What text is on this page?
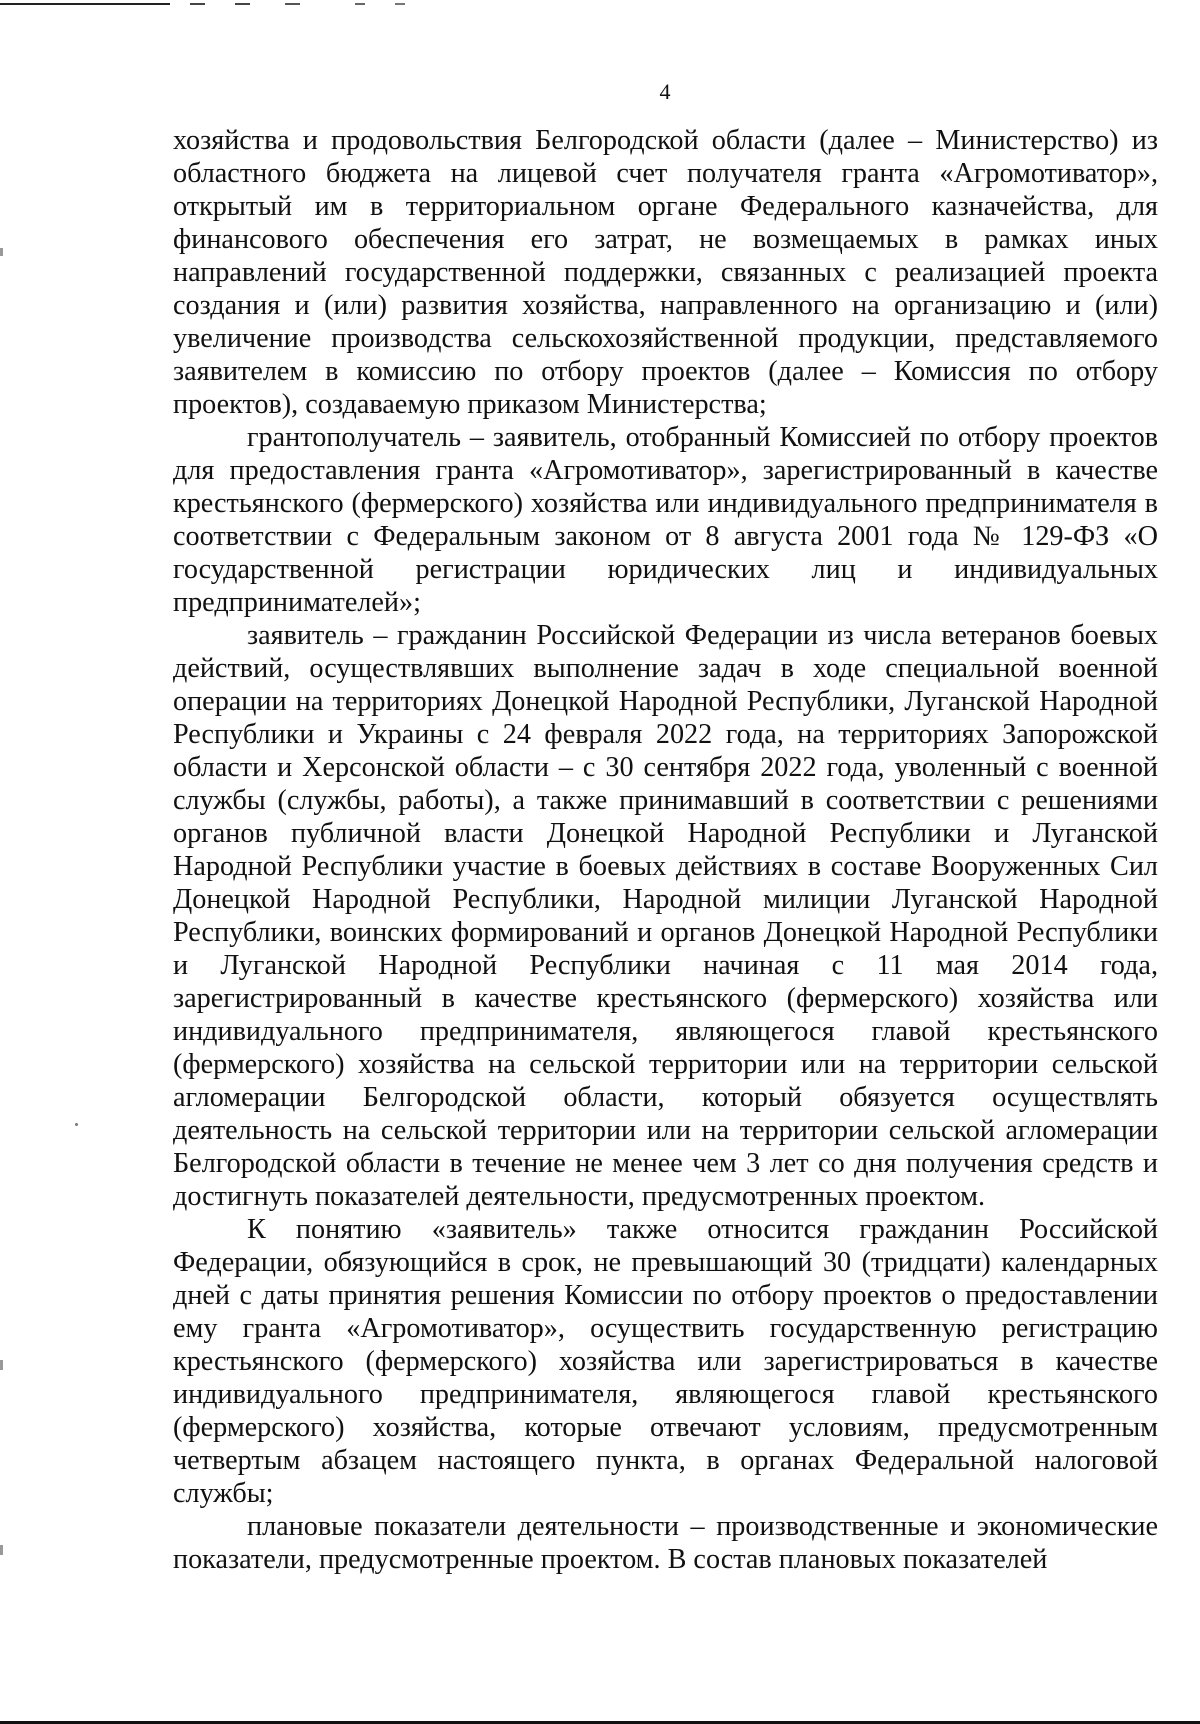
4

хозяйства и продовольствия Белгородской области (далее – Министерство) из областного бюджета на лицевой счет получателя гранта «Агромотиватор», открытый им в территориальном органе Федерального казначейства, для финансового обеспечения его затрат, не возмещаемых в рамках иных направлений государственной поддержки, связанных с реализацией проекта создания и (или) развития хозяйства, направленного на организацию и (или) увеличение производства сельскохозяйственной продукции, представляемого заявителем в комиссию по отбору проектов (далее – Комиссия по отбору проектов), создаваемую приказом Министерства;

грантополучатель – заявитель, отобранный Комиссией по отбору проектов для предоставления гранта «Агромотиватор», зарегистрированный в качестве крестьянского (фермерского) хозяйства или индивидуального предпринимателя в соответствии с Федеральным законом от 8 августа 2001 года № 129-ФЗ «О государственной регистрации юридических лиц и индивидуальных предпринимателей»;

заявитель – гражданин Российской Федерации из числа ветеранов боевых действий, осуществлявших выполнение задач в ходе специальной военной операции на территориях Донецкой Народной Республики, Луганской Народной Республики и Украины с 24 февраля 2022 года, на территориях Запорожской области и Херсонской области – с 30 сентября 2022 года, уволенный с военной службы (службы, работы), а также принимавший в соответствии с решениями органов публичной власти Донецкой Народной Республики и Луганской Народной Республики участие в боевых действиях в составе Вооруженных Сил Донецкой Народной Республики, Народной милиции Луганской Народной Республики, воинских формирований и органов Донецкой Народной Республики и Луганской Народной Республики начиная с 11 мая 2014 года, зарегистрированный в качестве крестьянского (фермерского) хозяйства или индивидуального предпринимателя, являющегося главой крестьянского (фермерского) хозяйства на сельской территории или на территории сельской агломерации Белгородской области, который обязуется осуществлять деятельность на сельской территории или на территории сельской агломерации Белгородской области в течение не менее чем 3 лет со дня получения средств и достигнуть показателей деятельности, предусмотренных проектом.

К понятию «заявитель» также относится гражданин Российской Федерации, обязующийся в срок, не превышающий 30 (тридцати) календарных дней с даты принятия решения Комиссии по отбору проектов о предоставлении ему гранта «Агромотиватор», осуществить государственную регистрацию крестьянского (фермерского) хозяйства или зарегистрироваться в качестве индивидуального предпринимателя, являющегося главой крестьянского (фермерского) хозяйства, которые отвечают условиям, предусмотренным четвертым абзацем настоящего пункта, в органах Федеральной налоговой службы;

плановые показатели деятельности – производственные и экономические показатели, предусмотренные проектом. В состав плановых показателей
